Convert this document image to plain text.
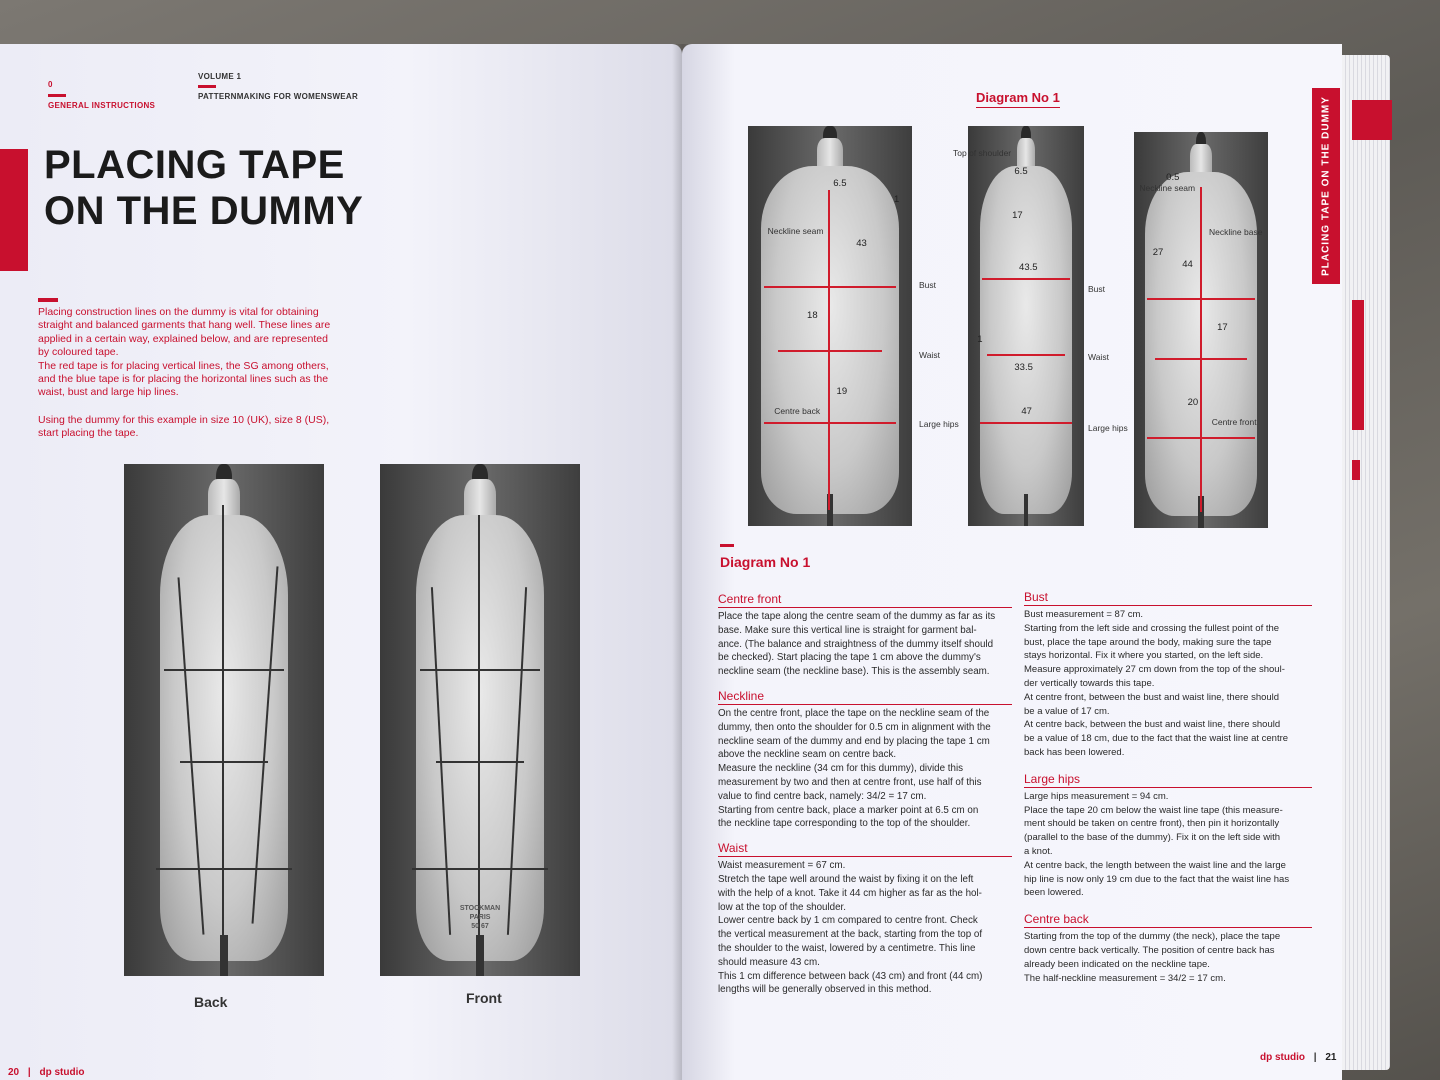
0
GENERAL INSTRUCTIONS
VOLUME 1
PATTERNMAKING FOR WOMENSWEAR
PLACING TAPE
ON THE DUMMY
Placing construction lines on the dummy is vital for obtaining
straight and balanced garments that hang well. These lines are
applied in a certain way, explained below, and are represented
by coloured tape.
The red tape is for placing vertical lines, the SG among others,
and the blue tape is for placing the horizontal lines such as the
waist, bust and large hip lines.
Using the dummy for this example in size 10 (UK), size 8 (US),
start placing the tape.
Back
STOCKMAN
PARIS
50 67
Front
20 | dp studio
Diagram No 1
6.5
1
Neckline seam
43
18
19
Centre back
Bust
Waist
Large hips
6.5
17
43.5
1
33.5
47
Top of shoulder
Bust
Waist
Large hips
0.5
Neckline seam
Neckline base
27
44
17
20
Centre front
PLACING TAPE ON THE DUMMY
Diagram No 1
Centre front

Place the tape along the centre seam of the dummy as far as its

base. Make sure this vertical line is straight for garment bal-

ance. (The balance and straightness of the dummy itself should

be checked). Start placing the tape 1 cm above the dummy's

neckline seam (the neckline base). This is the assembly seam.

Neckline

On the centre front, place the tape on the neckline seam of the

dummy, then onto the shoulder for 0.5 cm in alignment with the

neckline seam of the dummy and end by placing the tape 1 cm

above the neckline seam on centre back.

Measure the neckline (34 cm for this dummy), divide this

measurement by two and then at centre front, use half of this

value to find centre back, namely: 34/2 = 17 cm.

Starting from centre back, place a marker point at 6.5 cm on

the neckline tape corresponding to the top of the shoulder.

Waist

Waist measurement = 67 cm.

Stretch the tape well around the waist by fixing it on the left

with the help of a knot. Take it 44 cm higher as far as the hol-

low at the top of the shoulder.

Lower centre back by 1 cm compared to centre front. Check

the vertical measurement at the back, starting from the top of

the shoulder to the waist, lowered by a centimetre. This line

should measure 43 cm.

This 1 cm difference between back (43 cm) and front (44 cm)

lengths will be generally observed in this method.

Bust

Bust measurement = 87 cm.

Starting from the left side and crossing the fullest point of the

bust, place the tape around the body, making sure the tape

stays horizontal. Fix it where you started, on the left side.

Measure approximately 27 cm down from the top of the shoul-

der vertically towards this tape.

At centre front, between the bust and waist line, there should

be a value of 17 cm.

At centre back, between the bust and waist line, there should

be a value of 18 cm, due to the fact that the waist line at centre

back has been lowered.

Large hips

Large hips measurement = 94 cm.

Place the tape 20 cm below the waist line tape (this measure-

ment should be taken on centre front), then pin it horizontally

(parallel to the base of the dummy). Fix it on the left side with

a knot.

At centre back, the length between the waist line and the large

hip line is now only 19 cm due to the fact that the waist line has

been lowered.

Centre back

Starting from the top of the dummy (the neck), place the tape

down centre back vertically. The position of centre back has

already been indicated on the neckline tape.

The half-neckline measurement = 34/2 = 17 cm.

dp studio | 21
